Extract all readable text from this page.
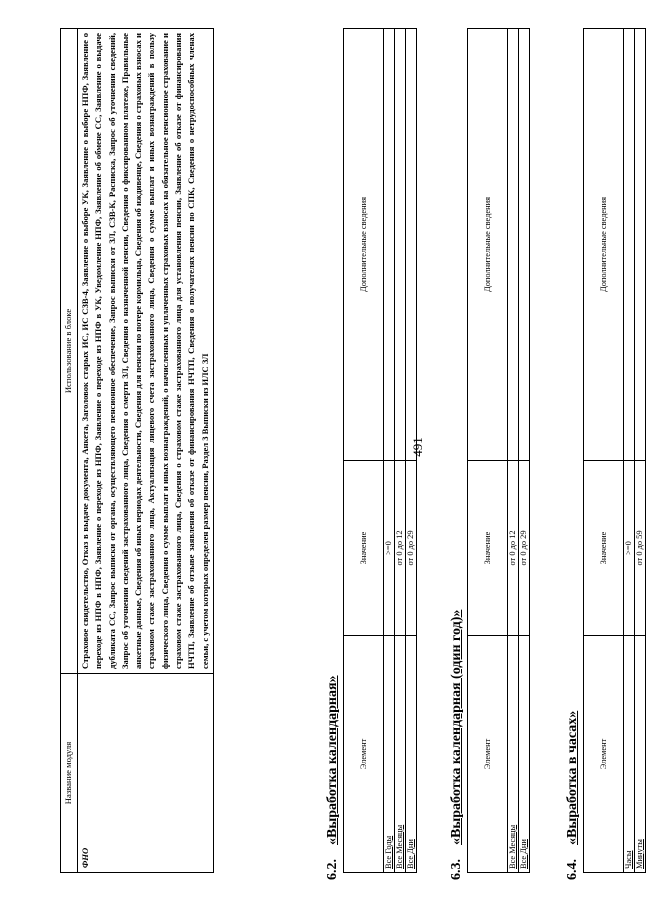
491
Название модуля	Использование в блоке
ФНО	Страховое свидетельство, Отказ в выдаче документа, Анкета, Заголовок старых ИС, ИС СЗВ-4, Заявление о выборе УК, Заявление о выборе НПФ, Заявление о переходе из НПФ в НПФ, Заявление о переходе из НПФ, Заявление о переходе из НПФ в УК, Уведомление НПФ, Заявление об обмене СС, Заявление о выдаче дубликата СС, Запрос выписки от органа, осуществляющего пенсионное обеспечение, Запрос выписки от ЗЛ, СЗВ-К, Расписка, Запрос об уточнении сведений, Запрос об уточнении сведений застрахованного лица, Сведения о смерти ЗЛ, Сведения о назначенной пенсии, Сведения о фиксированном платеже, Правильные анкетные данные, Сведения об иных периодах деятельности, Сведения для пенсии по потере кормильца, Сведения об иждивенце, Сведения о страховых взносах и страховом стаже застрахованного лица, Актуализация лицевого счета застрахованного лица, Сведения о сумме выплат и иных вознаграждений в пользу физического лица, Сведения о сумме выплат и иных вознаграждений, о начисленных и уплаченных страховых взносах на обязательное пенсионное страхование и страховом стаже застрахованного лица, Сведения о страховом стаже застрахованного лица для установления пенсии, Заявление об отказе от финансирования НЧТП, Заявление об отзыве заявления об отказе от финансирования НЧТП, Сведения о получателях пенсии по СПК, Сведения о нетрудоспособных членах семьи, с учетом которых определен размер пенсии, Раздел 3 Выписки из ИЛС ЗЛ
6.2.«Выработка календарная» Элемент	Значение	Дополнительные сведения
Все Годы	>=0	
Все Месяцы	от 0 до 12	
Все Дни	от 0 до 29	
6.3.«Выработка календарная (один год)» Элемент	Значение	Дополнительные сведения
Все Месяцы	от 0 до 12	
Все Дни	от 0 до 29	
6.4.«Выработка в часах» Элемент	Значение	Дополнительные сведения
Часы	>=0	
Минуты	от 0 до 59	
